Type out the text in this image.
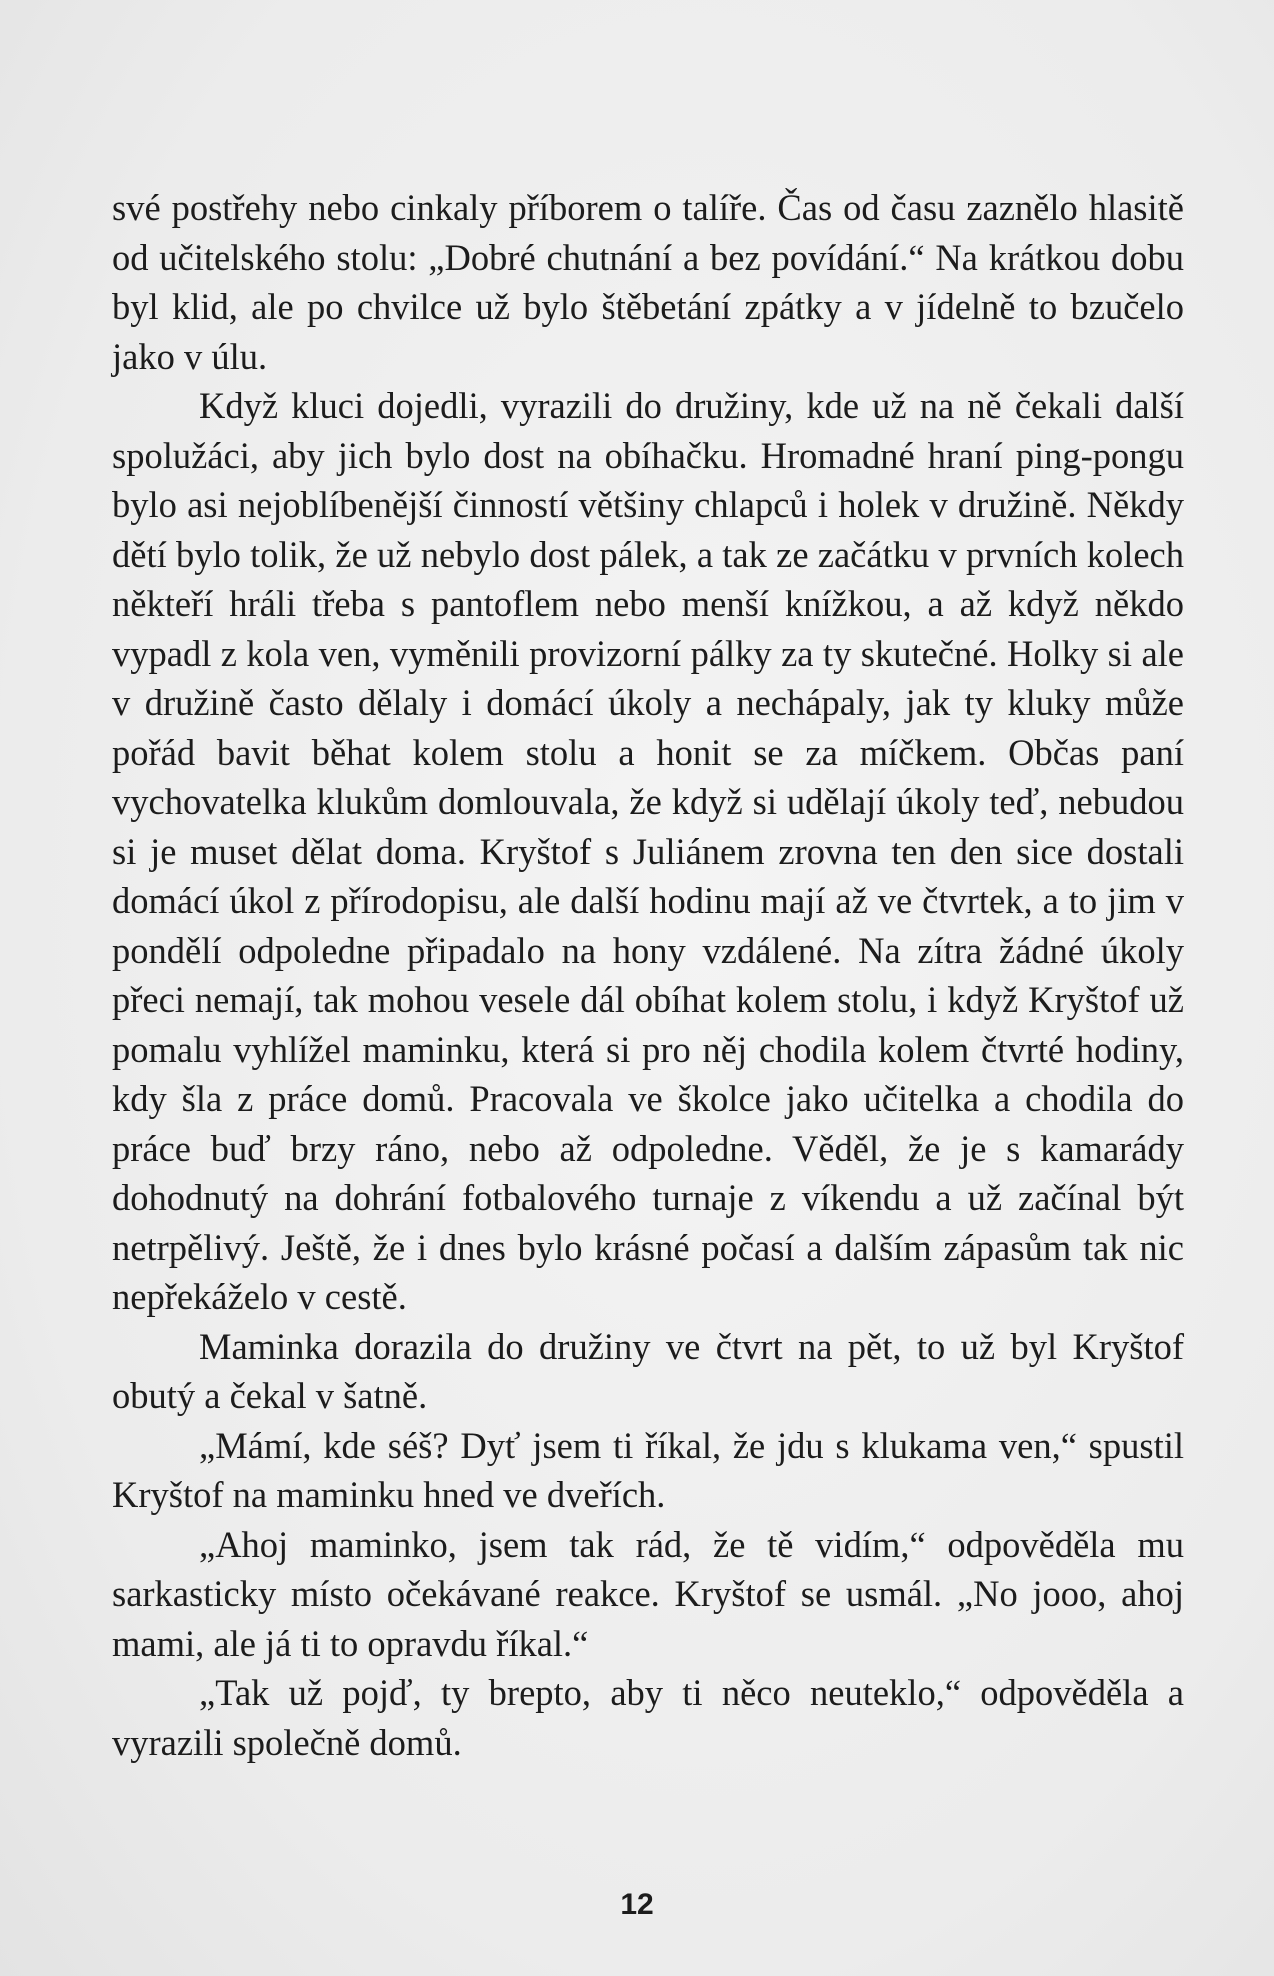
své postřehy nebo cinkaly příborem o talíře. Čas od času zaznělo hlasitě od učitelského stolu: „Dobré chutnání a bez povídání.“ Na krátkou dobu byl klid, ale po chvilce už bylo štěbetání zpátky a v jídelně to bzučelo jako v úlu.

Když kluci dojedli, vyrazili do družiny, kde už na ně čekali další spolužáci, aby jich bylo dost na obíhačku. Hromadné hraní ping-pongu bylo asi nejoblíbenější činností většiny chlapců i holek v družině. Někdy dětí bylo tolik, že už nebylo dost pálek, a tak ze začátku v prvních kolech někteří hráli třeba s pantoflem nebo menší knížkou, a až když někdo vypadl z kola ven, vyměnili provizorní pálky za ty skutečné. Holky si ale v družině často dělaly i domácí úkoly a nechápaly, jak ty kluky může pořád bavit běhat kolem stolu a honit se za míčkem. Občas paní vychovatelka klukům domlouvala, že když si udělají úkoly teď, nebudou si je muset dělat doma. Kryštof s Juliánem zrovna ten den sice dostali domácí úkol z přírodopisu, ale další hodinu mají až ve čtvrtek, a to jim v pondělí odpoledne připadalo na hony vzdálené. Na zítra žádné úkoly přeci nemají, tak mohou vesele dál obíhat kolem stolu, i když Kryštof už pomalu vyhlížel maminku, která si pro něj chodila kolem čtvrté hodiny, kdy šla z práce domů. Pracovala ve školce jako učitelka a chodila do práce buď brzy ráno, nebo až odpoledne. Věděl, že je s kamarády dohodnutý na dohrání fotbalového turnaje z víkendu a už začínal být netrpělivý. Ještě, že i dnes bylo krásné počasí a dalším zápasům tak nic nepřekáželo v cestě.

Maminka dorazila do družiny ve čtvrt na pět, to už byl Kryštof obutý a čekal v šatně.

„Mámí, kde séš? Dyť jsem ti říkal, že jdu s klukama ven,“ spustil Kryštof na maminku hned ve dveřích.

„Ahoj maminko, jsem tak rád, že tě vidím,“ odpověděla mu sarkasticky místo očekávané reakce. Kryštof se usmál. „No jooo, ahoj mami, ale já ti to opravdu říkal.“

„Tak už pojď, ty brepto, aby ti něco neuteklo,“ odpověděla a vyrazili společně domů.

12
